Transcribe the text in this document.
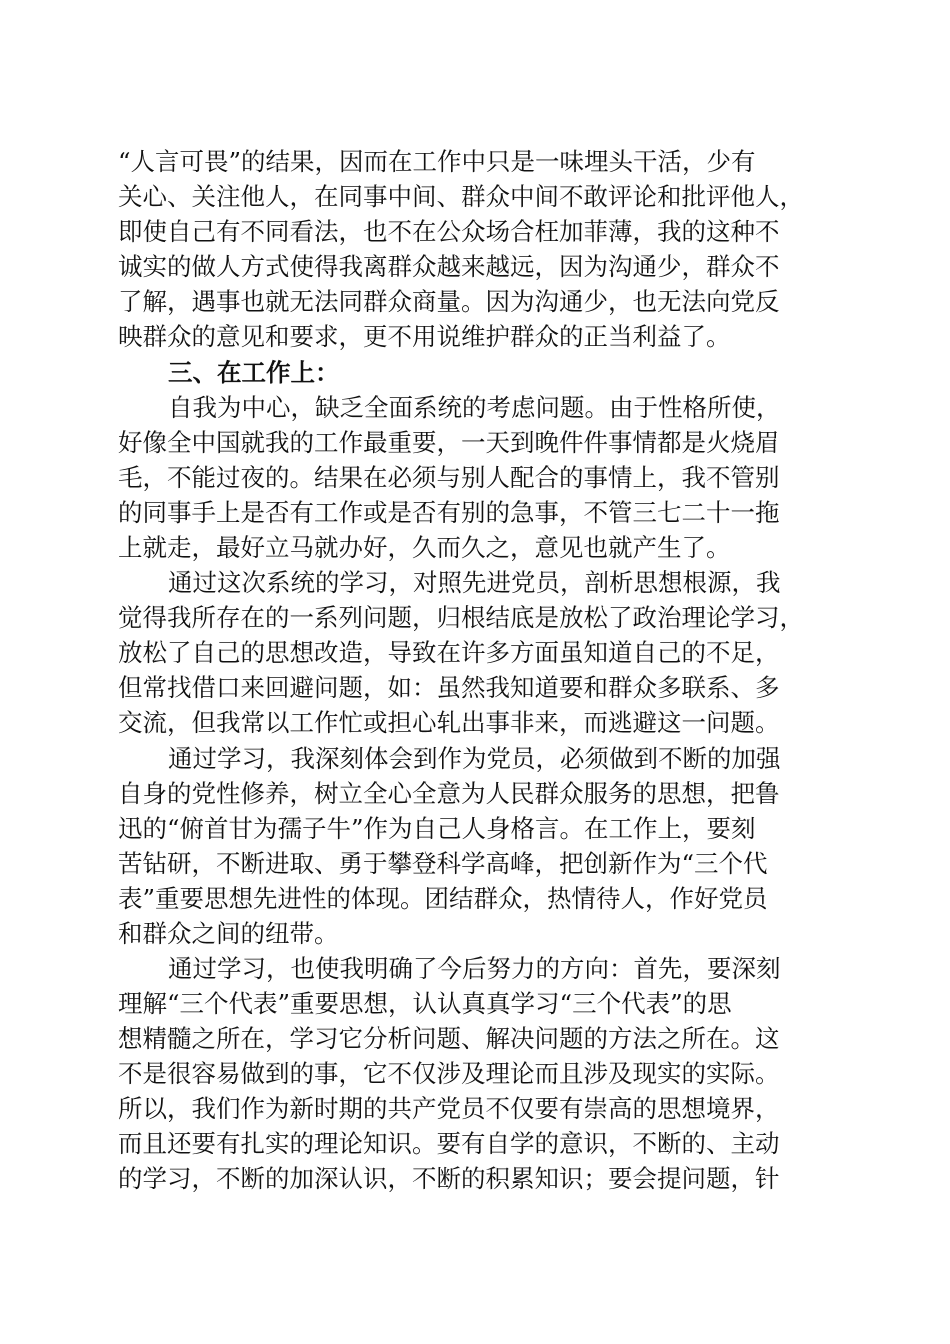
“人言可畏”的结果，因而在工作中只是一味埋头干活，少有
关心、关注他人，在同事中间、群众中间不敢评论和批评他人，
即使自己有不同看法，也不在公众场合枉加菲薄，我的这种不
诚实的做人方式使得我离群众越来越远，因为沟通少，群众不
了解，遇事也就无法同群众商量。因为沟通少，也无法向党反
映群众的意见和要求，更不用说维护群众的正当利益了。
三、在工作上：
自我为中心，缺乏全面系统的考虑问题。由于性格所使，
好像全中国就我的工作最重要，一天到晚件件事情都是火烧眉
毛，不能过夜的。结果在必须与别人配合的事情上，我不管别
的同事手上是否有工作或是否有别的急事，不管三七二十一拖
上就走，最好立马就办好，久而久之，意见也就产生了。
通过这次系统的学习，对照先进党员，剖析思想根源，我
觉得我所存在的一系列问题，归根结底是放松了政治理论学习，
放松了自己的思想改造，导致在许多方面虽知道自己的不足，
但常找借口来回避问题，如：虽然我知道要和群众多联系、多
交流，但我常以工作忙或担心轧出事非来，而逃避这一问题。
通过学习，我深刻体会到作为党员，必须做到不断的加强
自身的党性修养，树立全心全意为人民群众服务的思想，把鲁
迅的“俯首甘为孺子牛”作为自己人身格言。在工作上，要刻
苦钻研，不断进取、勇于攀登科学高峰，把创新作为“三个代
表”重要思想先进性的体现。团结群众，热情待人，作好党员
和群众之间的纽带。
通过学习，也使我明确了今后努力的方向：首先，要深刻
理解“三个代表”重要思想，认认真真学习“三个代表”的思
想精髓之所在，学习它分析问题、解决问题的方法之所在。这
不是很容易做到的事，它不仅涉及理论而且涉及现实的实际。
所以，我们作为新时期的共产党员不仅要有崇高的思想境界，
而且还要有扎实的理论知识。要有自学的意识，不断的、主动
的学习，不断的加深认识，不断的积累知识；要会提问题，针
